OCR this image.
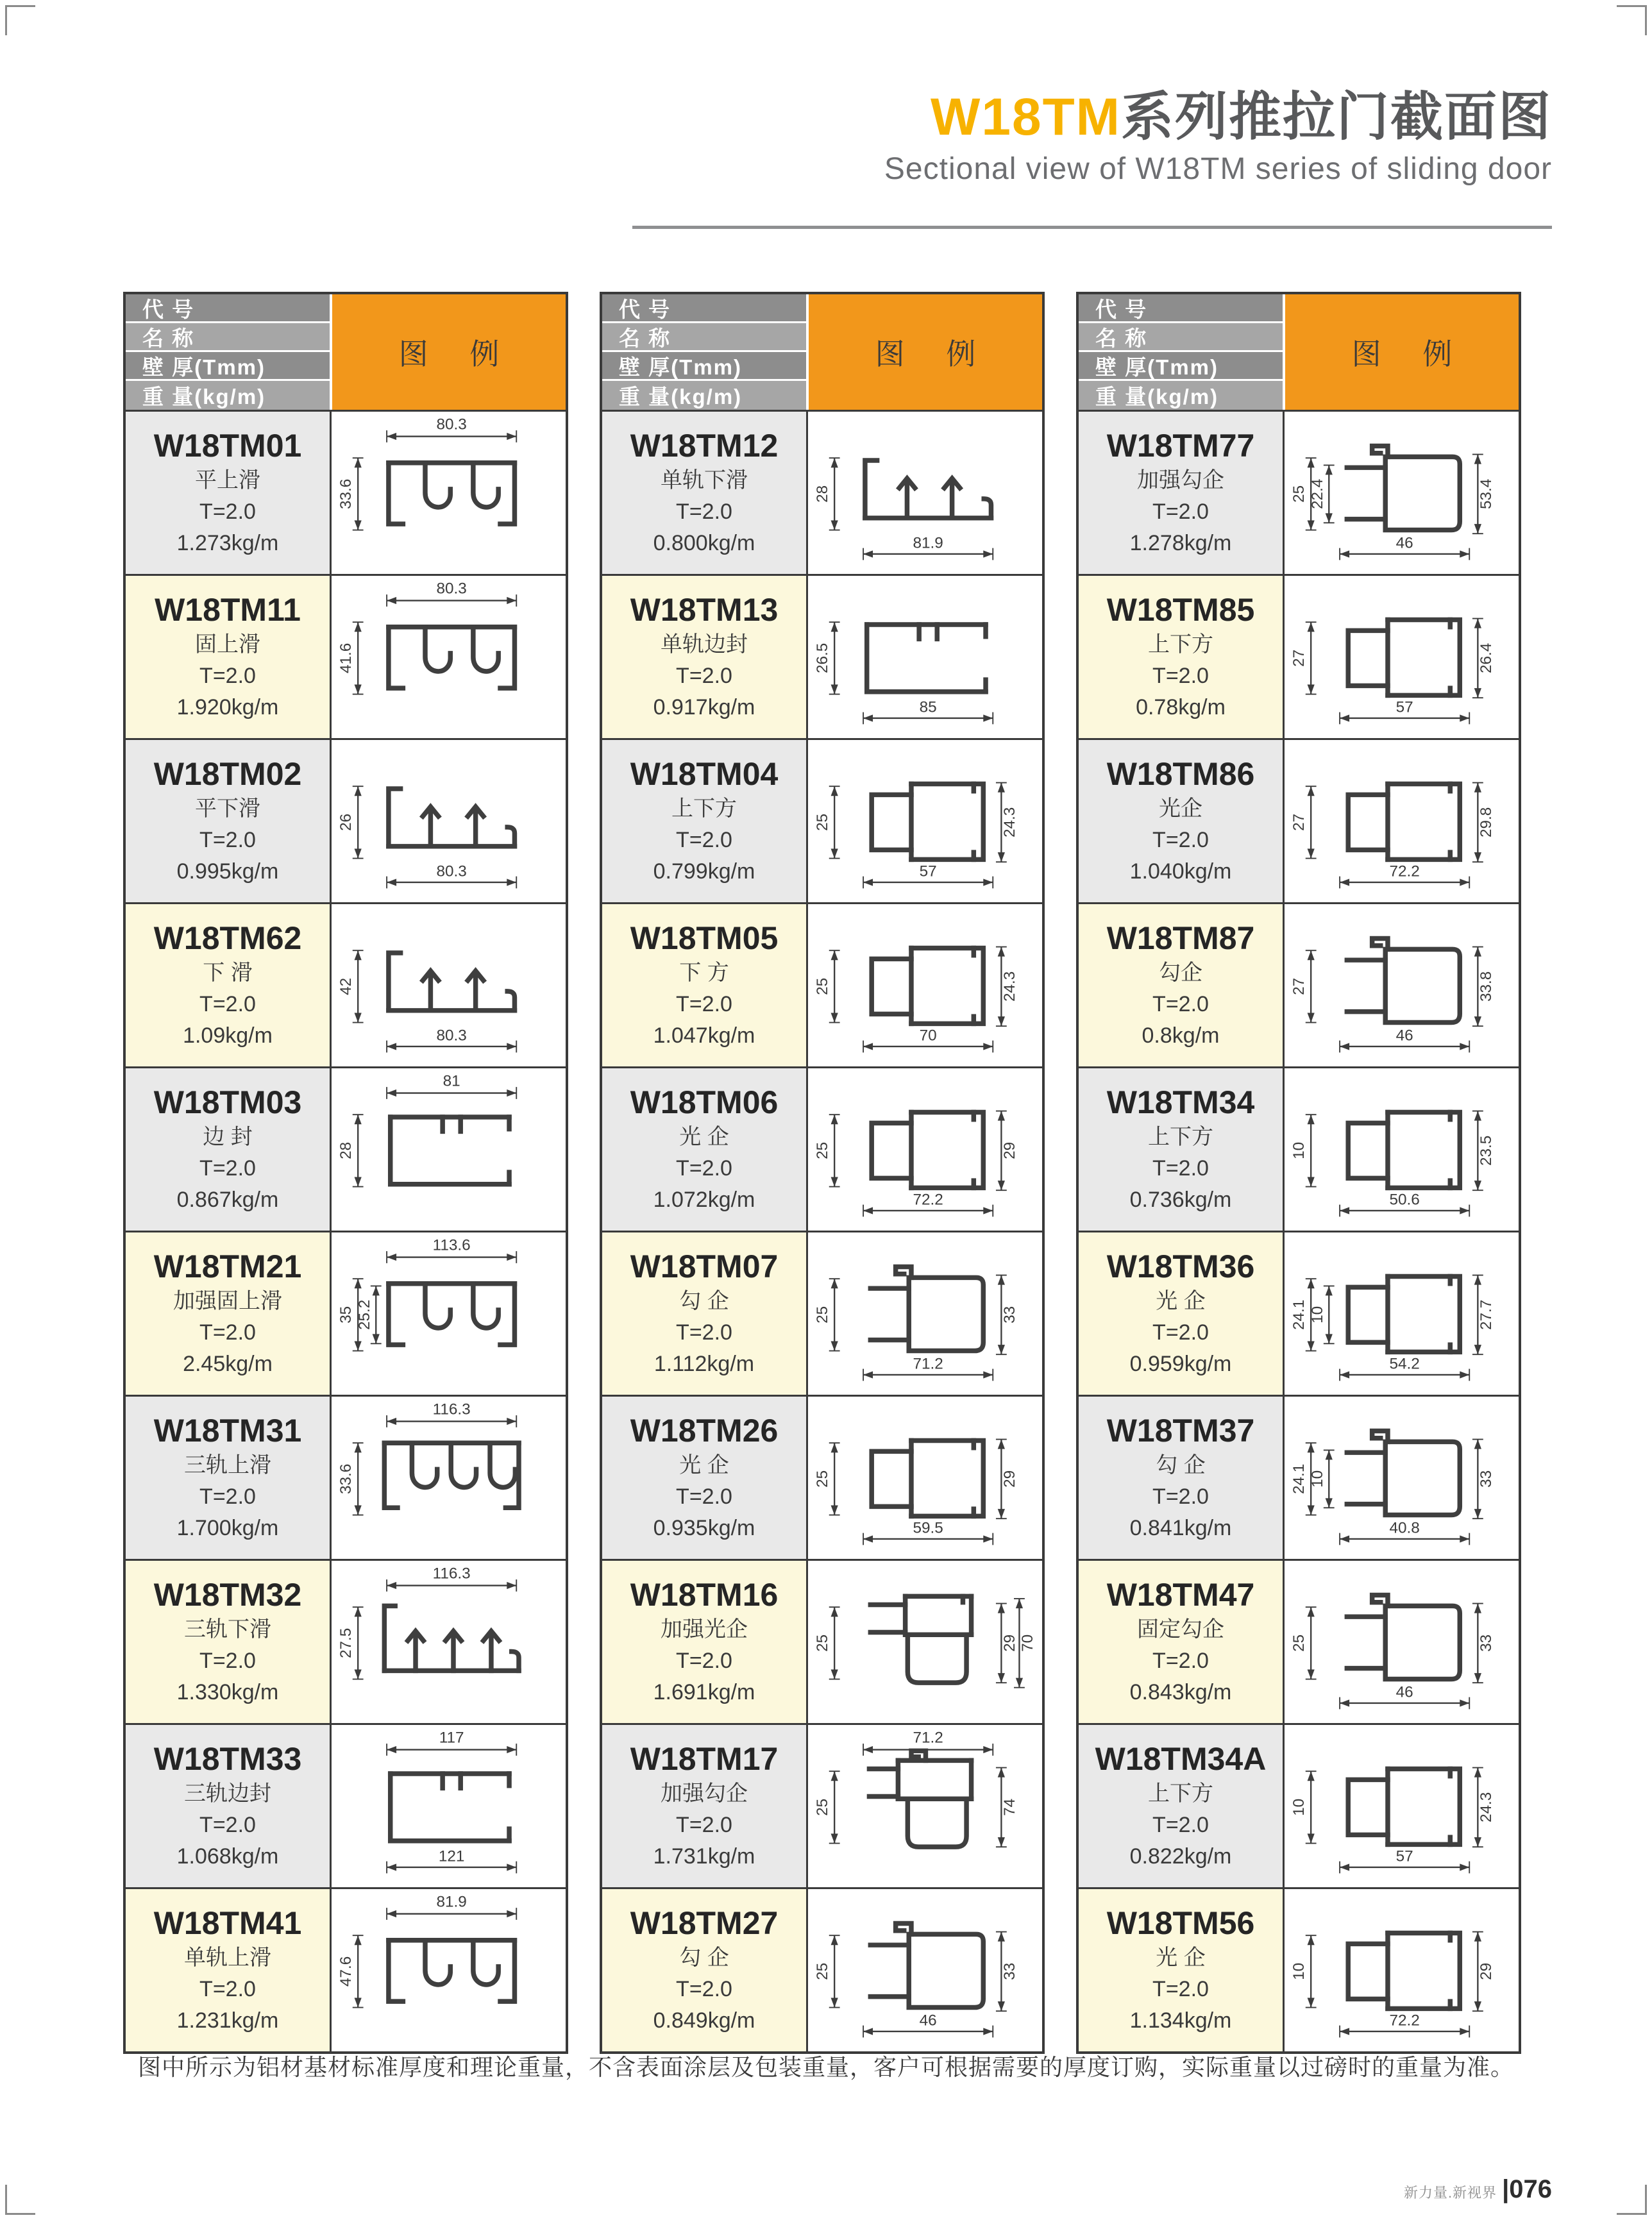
W18TM系列推拉门截面图

Sectional view of W18TM series of sliding door

代 号
名 称
壁 厚(Tmm)
重 量(kg/m)
图 例

W18TM01

平上滑

T=2.0

1.273kg/m

80.3
33.6

W18TM11

固上滑

T=2.0

1.920kg/m

80.3
41.6

W18TM02

平下滑

T=2.0

0.995kg/m

26
80.3

W18TM62

下 滑

T=2.0

1.09kg/m

42
80.3

W18TM03

边 封

T=2.0

0.867kg/m

81
28

W18TM21

加强固上滑

T=2.0

2.45kg/m

113.6
35 25.2

W18TM31

三轨上滑

T=2.0

1.700kg/m

116.3
33.6

W18TM32

三轨下滑

T=2.0

1.330kg/m

116.3
27.5

W18TM33

三轨边封

T=2.0

1.068kg/m

117
121

W18TM41

单轨上滑

T=2.0

1.231kg/m

81.9
47.6
代 号
名 称
壁 厚(Tmm)
重 量(kg/m)
图 例

W18TM12

单轨下滑

T=2.0

0.800kg/m

28
81.9

W18TM13

单轨边封

T=2.0

0.917kg/m

26.5
85

W18TM04

上下方

T=2.0

0.799kg/m

25	24.3
57

W18TM05

下 方

T=2.0

1.047kg/m

25	24.3
70

W18TM06

光 企

T=2.0

1.072kg/m

25	29
72.2

W18TM07

勾 企

T=2.0

1.112kg/m

25	33
71.2

W18TM26

光 企

T=2.0

0.935kg/m

25	29
59.5

W18TM16

加强光企

T=2.0

1.691kg/m

25	29 70

W18TM17

加强勾企

T=2.0

1.731kg/m

25
71.2
74

W18TM27

勾 企

T=2.0

0.849kg/m

25	33
46
代 号
名 称
壁 厚(Tmm)
重 量(kg/m)
图 例

W18TM77

加强勾企

T=2.0

1.278kg/m

25 22.4	53.4
46

W18TM85

上下方

T=2.0

0.78kg/m

27	26.4
57

W18TM86

光企

T=2.0

1.040kg/m

27	29.8
72.2

W18TM87

勾企

T=2.0

0.8kg/m

27	33.8
46

W18TM34

上下方

T=2.0

0.736kg/m

10	23.5
50.6

W18TM36

光 企

T=2.0

0.959kg/m

24.1 10	27.7
54.2

W18TM37

勾 企

T=2.0

0.841kg/m

24.1 10	33
40.8

W18TM47

固定勾企

T=2.0

0.843kg/m

25	33
46

W18TM34A

上下方

T=2.0

0.822kg/m

10	24.3
57

W18TM56

光 企

T=2.0

1.134kg/m

10	29
72.2
图中所示为铝材基材标准厚度和理论重量，不含表面涂层及包装重量，客户可根据需要的厚度订购，实际重量以过磅时的重量为准。
新力量.新视界 |076
